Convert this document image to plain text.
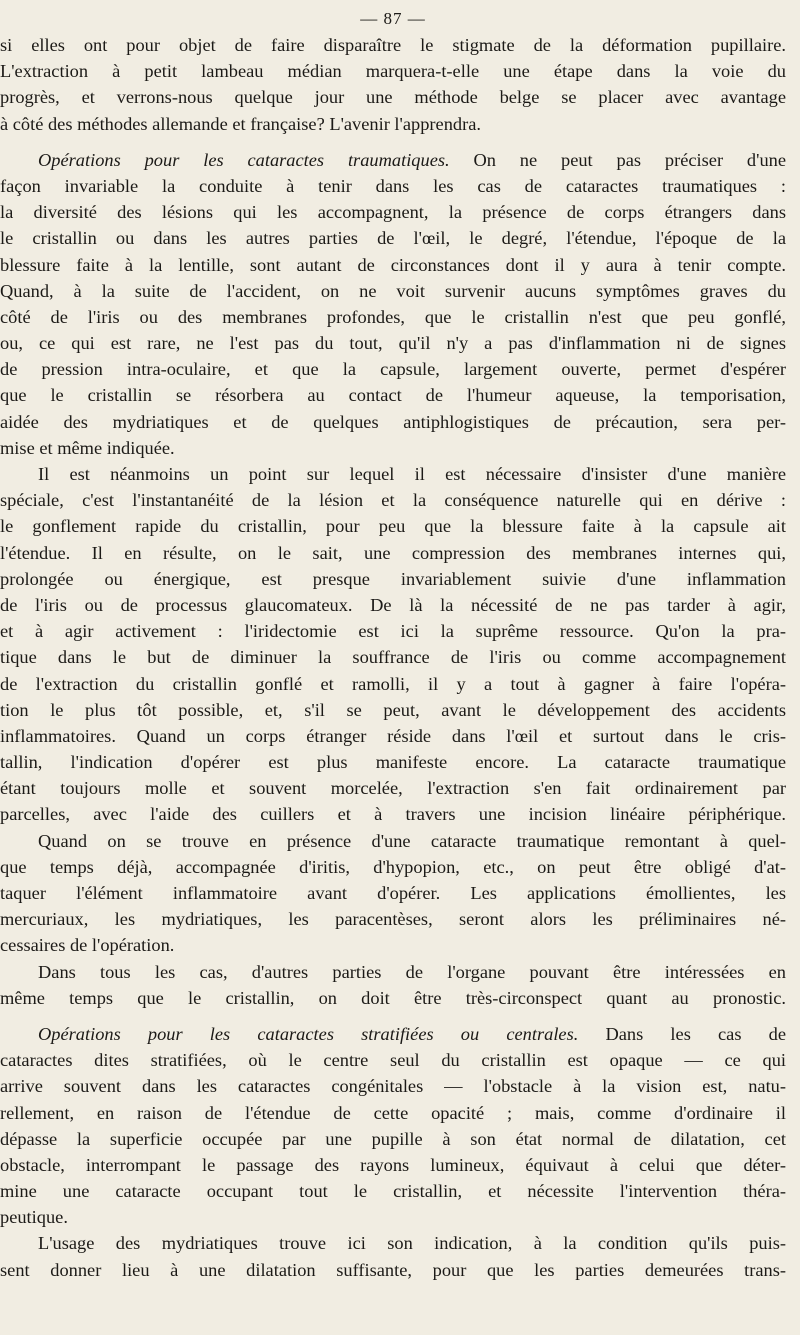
— 87 —
si elles ont pour objet de faire disparaître le stigmate de la déformation pupillaire.
L'extraction à petit lambeau médian marquera-t-elle une étape dans la voie du
progrès, et verrons-nous quelque jour une méthode belge se placer avec avantage
à côté des méthodes allemande et française? L'avenir l'apprendra.
Opérations pour les cataractes traumatiques. On ne peut pas préciser d'une
façon invariable la conduite à tenir dans les cas de cataractes traumatiques :
la diversité des lésions qui les accompagnent, la présence de corps étrangers dans
le cristallin ou dans les autres parties de l'œil, le degré, l'étendue, l'époque de la
blessure faite à la lentille, sont autant de circonstances dont il y aura à tenir compte.
Quand, à la suite de l'accident, on ne voit survenir aucuns symptômes graves du
côté de l'iris ou des membranes profondes, que le cristallin n'est que peu gonflé,
ou, ce qui est rare, ne l'est pas du tout, qu'il n'y a pas d'inflammation ni de signes
de pression intra-oculaire, et que la capsule, largement ouverte, permet d'espérer
que le cristallin se résorbera au contact de l'humeur aqueuse, la temporisation,
aidée des mydriatiques et de quelques antiphlogistiques de précaution, sera per-
mise et même indiquée.
Il est néanmoins un point sur lequel il est nécessaire d'insister d'une manière
spéciale, c'est l'instantanéité de la lésion et la conséquence naturelle qui en dérive :
le gonflement rapide du cristallin, pour peu que la blessure faite à la capsule ait
l'étendue. Il en résulte, on le sait, une compression des membranes internes qui,
prolongée ou énergique, est presque invariablement suivie d'une inflammation
de l'iris ou de processus glaucomateux. De là la nécessité de ne pas tarder à agir,
et à agir activement : l'iridectomie est ici la suprême ressource. Qu'on la pra-
tique dans le but de diminuer la souffrance de l'iris ou comme accompagnement
de l'extraction du cristallin gonflé et ramolli, il y a tout à gagner à faire l'opéra-
tion le plus tôt possible, et, s'il se peut, avant le développement des accidents
inflammatoires. Quand un corps étranger réside dans l'œil et surtout dans le cris-
tallin, l'indication d'opérer est plus manifeste encore. La cataracte traumatique
étant toujours molle et souvent morcelée, l'extraction s'en fait ordinairement par
parcelles, avec l'aide des cuillers et à travers une incision linéaire périphérique.
Quand on se trouve en présence d'une cataracte traumatique remontant à quel-
que temps déjà, accompagnée d'iritis, d'hypopion, etc., on peut être obligé d'at-
taquer l'élément inflammatoire avant d'opérer. Les applications émollientes, les
mercuriaux, les mydriatiques, les paracentèses, seront alors les préliminaires né-
cessaires de l'opération.
Dans tous les cas, d'autres parties de l'organe pouvant être intéressées en
même temps que le cristallin, on doit être très-circonspect quant au pronostic.
Opérations pour les cataractes stratifiées ou centrales. Dans les cas de
cataractes dites stratifiées, où le centre seul du cristallin est opaque — ce qui
arrive souvent dans les cataractes congénitales — l'obstacle à la vision est, natu-
rellement, en raison de l'étendue de cette opacité ; mais, comme d'ordinaire il
dépasse la superficie occupée par une pupille à son état normal de dilatation, cet
obstacle, interrompant le passage des rayons lumineux, équivaut à celui que déter-
mine une cataracte occupant tout le cristallin, et nécessite l'intervention théra-
peutique.
L'usage des mydriatiques trouve ici son indication, à la condition qu'ils puis-
sent donner lieu à une dilatation suffisante, pour que les parties demeurées trans-
